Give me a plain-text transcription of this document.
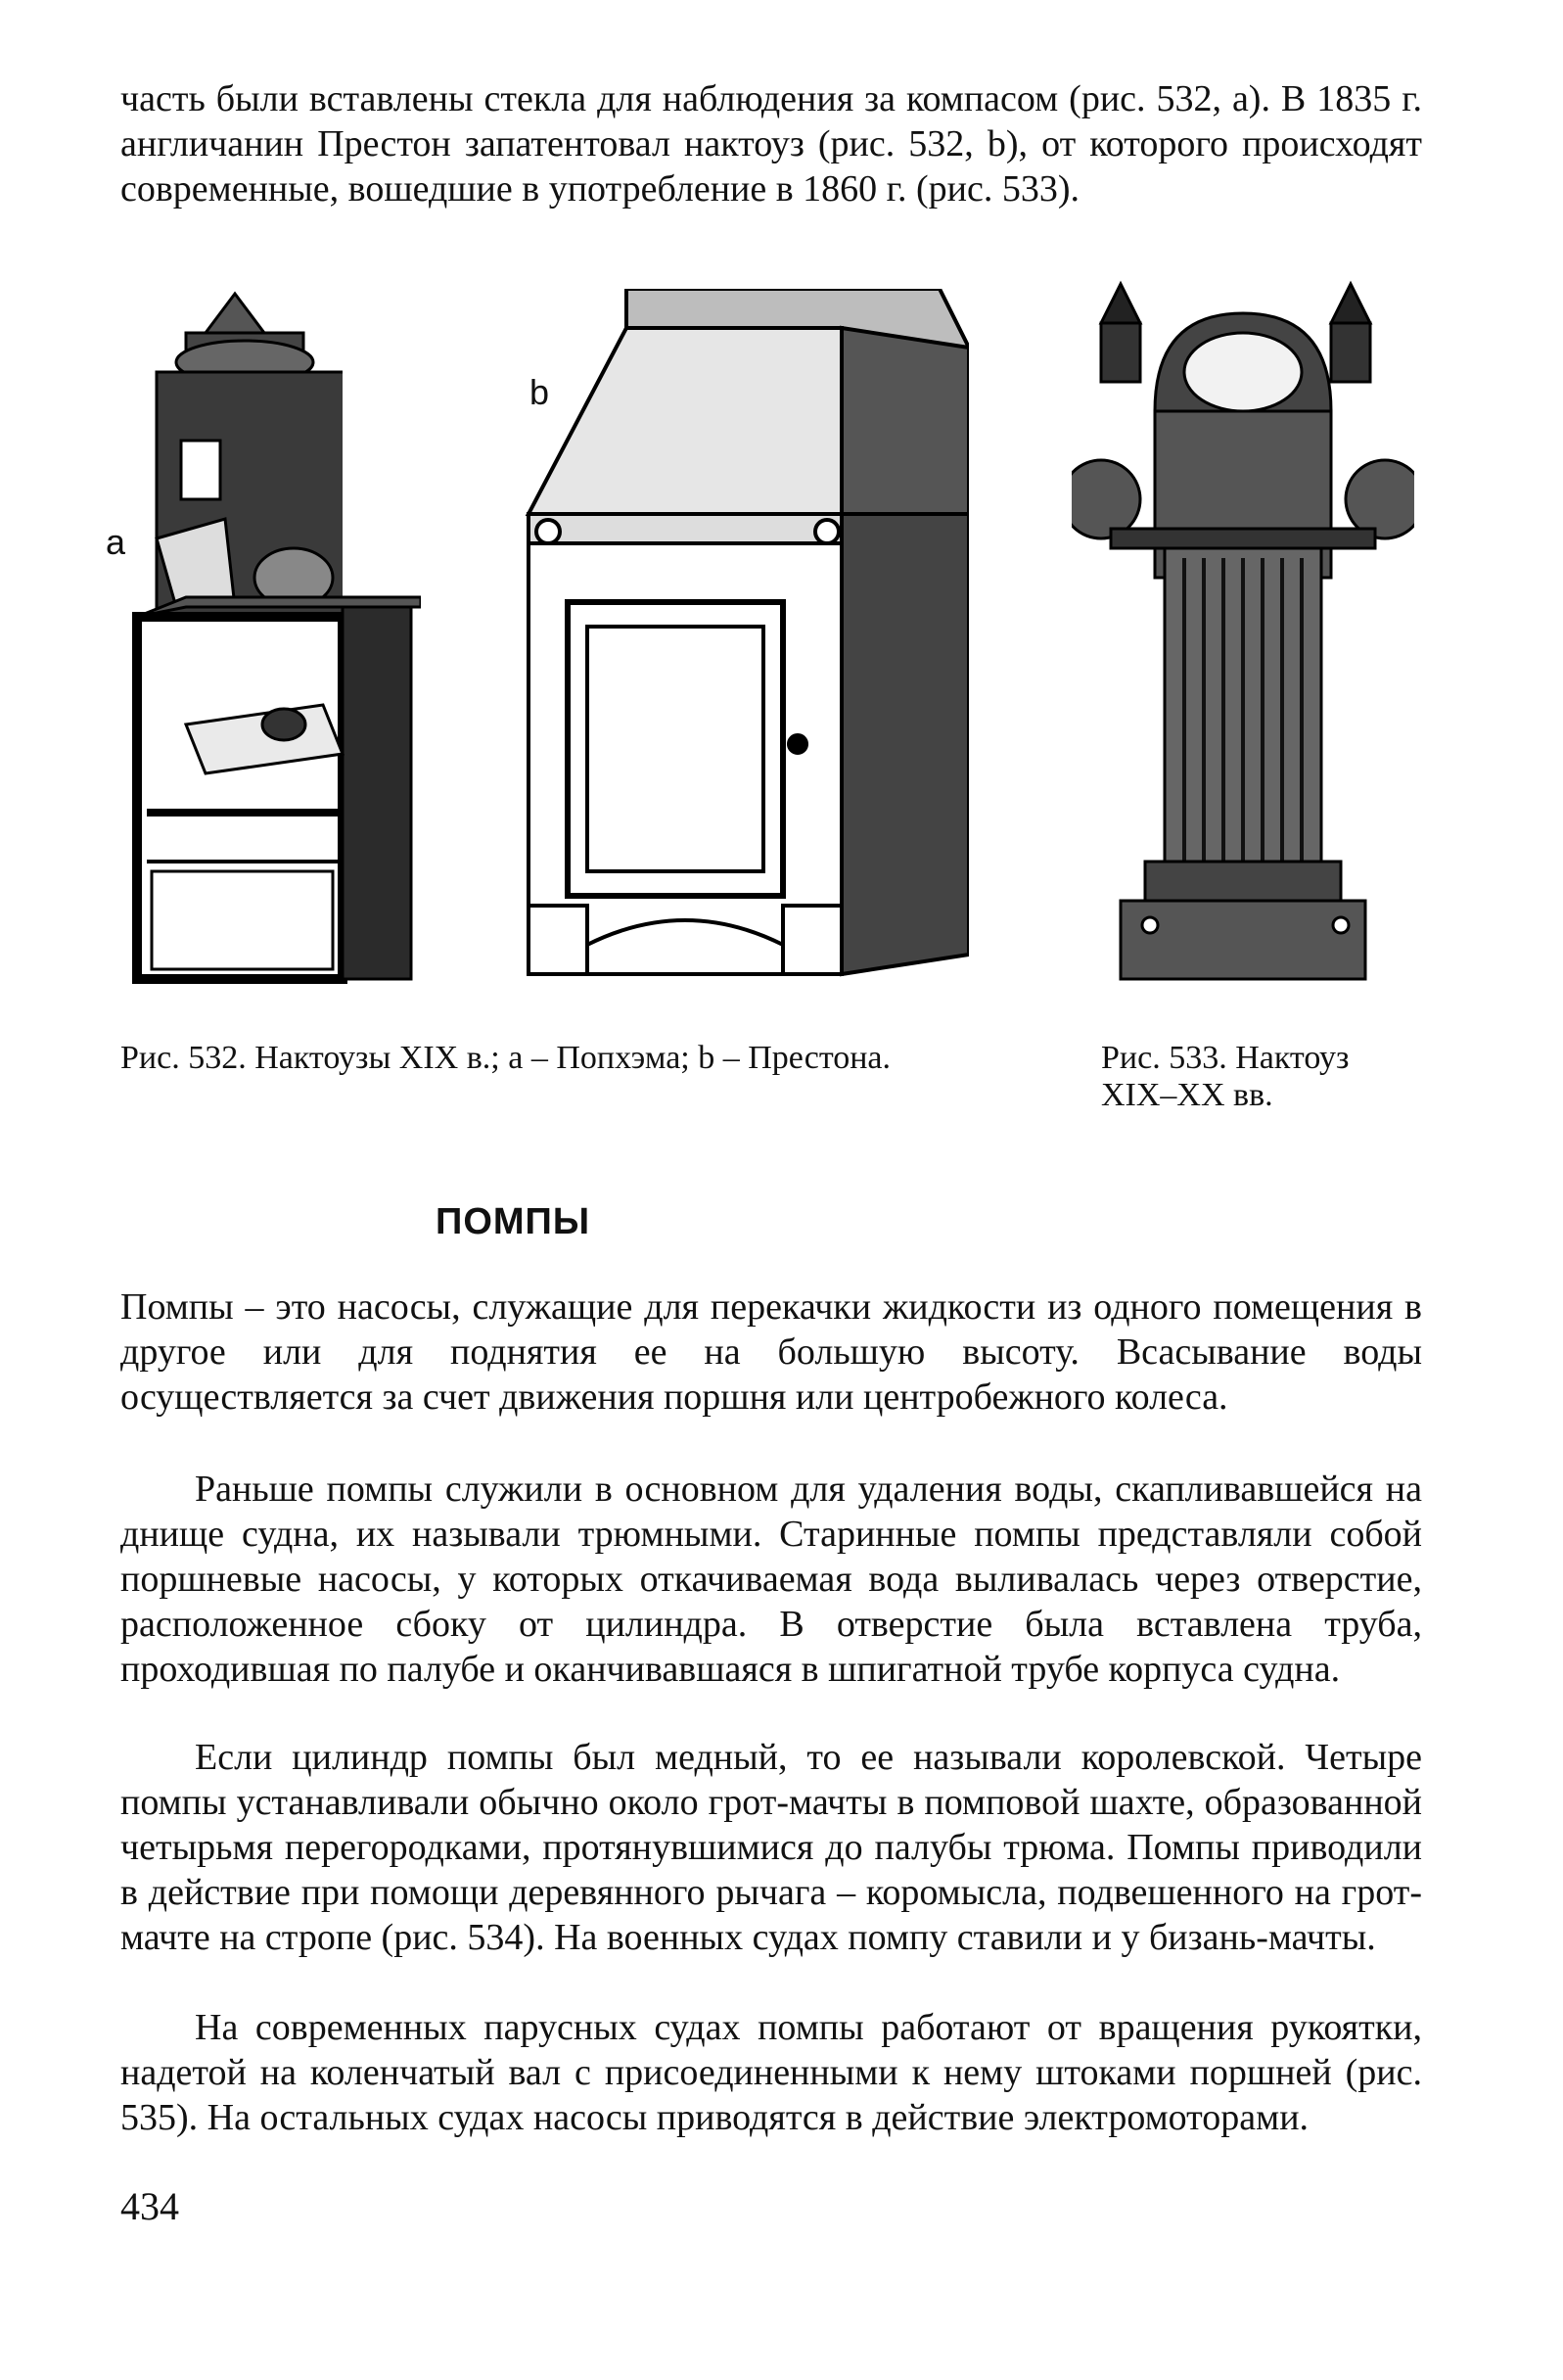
часть были вставлены стекла для наблюдения за компасом (рис. 532, а). В 1835 г. англичанин Престон запатентовал нактоуз (рис. 532, b), от которого происходят современные, вошедшие в употребление в 1860 г. (рис. 533).

a
b

Рис. 532. Нактоузы XIX в.; а – Попхэма; b – Престона.	Рис. 533. Нактоуз XIX–XX вв.

ПОМПЫ

Помпы – это насосы, служащие для перекачки жидкости из одного помещения в другое или для поднятия ее на большую высоту. Всасывание воды осуществляется за счет движения поршня или центробежного колеса.

Раньше помпы служили в основном для удаления воды, скапливавшейся на днище судна, их называли трюмными. Старинные помпы представляли собой поршневые насосы, у которых откачиваемая вода выливалась через отверстие, расположенное сбоку от цилиндра. В отверстие была вставлена труба, проходившая по палубе и оканчивавшаяся в шпигатной трубе корпуса судна.

Если цилиндр помпы был медный, то ее называли королевской. Четыре помпы устанавливали обычно около грот-мачты в помповой шахте, образованной четырьмя перегородками, протянувшимися до палубы трюма. Помпы приводили в действие при помощи деревянного рычага – коромысла, подвешенного на грот-мачте на стропе (рис. 534). На военных судах помпу ставили и у бизань-мачты.

На современных парусных судах помпы работают от вращения рукоятки, надетой на коленчатый вал с присоединенными к нему штоками поршней (рис. 535). На остальных судах насосы приводятся в действие электромоторами.

434
